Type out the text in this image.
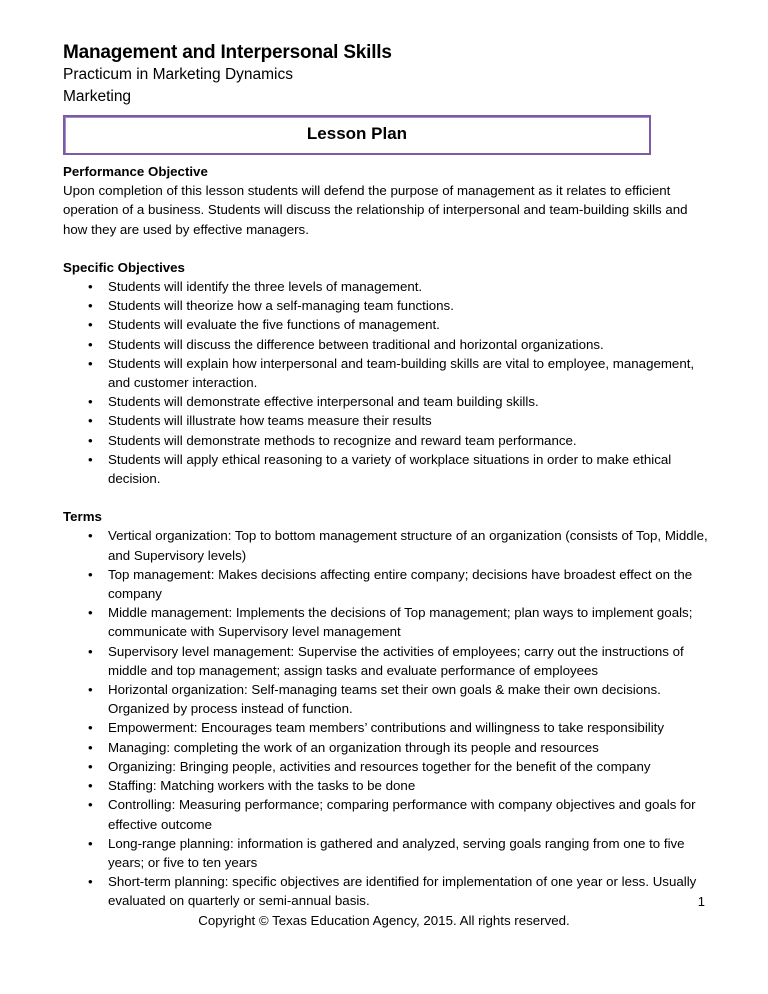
Management and Interpersonal Skills
Practicum in Marketing Dynamics
Marketing
Lesson Plan
Performance Objective

Upon completion of this lesson students will defend the purpose of management as it relates to efficient operation of a business. Students will discuss the relationship of interpersonal and team-building skills and how they are used by effective managers.

Specific Objectives
• Students will identify the three levels of management.
• Students will theorize how a self-managing team functions.
• Students will evaluate the five functions of management.
• Students will discuss the difference between traditional and horizontal organizations.
• Students will explain how interpersonal and team-building skills are vital to employee, management, and customer interaction.
• Students will demonstrate effective interpersonal and team building skills.
• Students will illustrate how teams measure their results
• Students will demonstrate methods to recognize and reward team performance.
• Students will apply ethical reasoning to a variety of workplace situations in order to make ethical decision.
Terms
• Vertical organization: Top to bottom management structure of an organization (consists of Top, Middle, and Supervisory levels)
• Top management: Makes decisions affecting entire company; decisions have broadest effect on the company
• Middle management: Implements the decisions of Top management; plan ways to implement goals; communicate with Supervisory level management
• Supervisory level management: Supervise the activities of employees; carry out the instructions of middle and top management; assign tasks and evaluate performance of employees
• Horizontal organization: Self-managing teams set their own goals & make their own decisions. Organized by process instead of function.
• Empowerment: Encourages team members’ contributions and willingness to take responsibility
• Managing: completing the work of an organization through its people and resources
• Organizing: Bringing people, activities and resources together for the benefit of the company
• Staffing: Matching workers with the tasks to be done
• Controlling: Measuring performance; comparing performance with company objectives and goals for effective outcome
• Long-range planning: information is gathered and analyzed, serving goals ranging from one to five years; or five to ten years
• Short-term planning: specific objectives are identified for implementation of one year or less. Usually evaluated on quarterly or semi-annual basis.	1
Copyright © Texas Education Agency, 2015. All rights reserved.
